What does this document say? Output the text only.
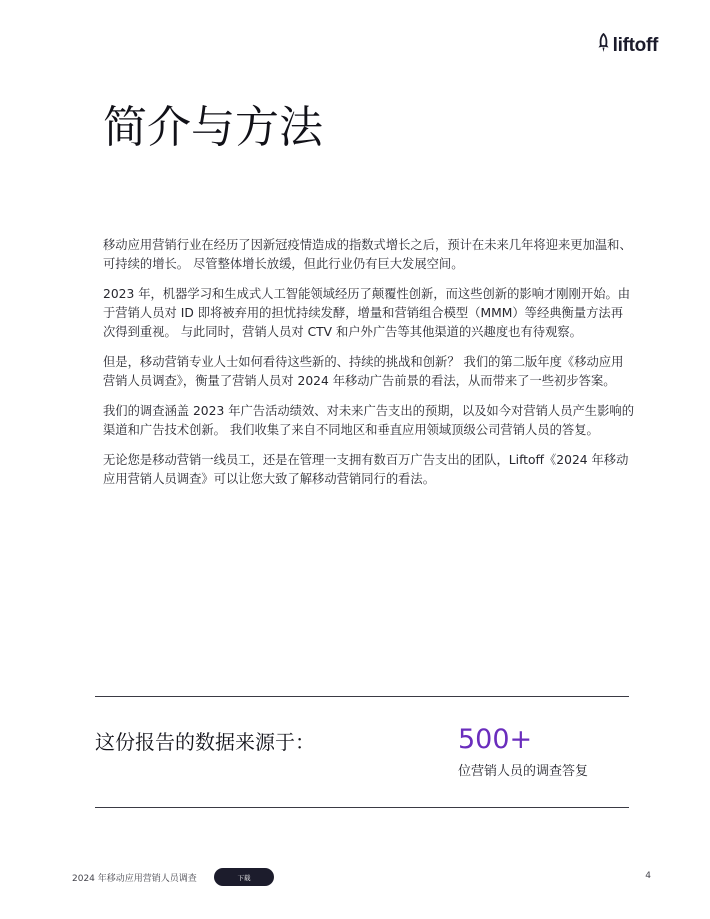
liftoff
简介与方法

移动应用营销行业在经历了因新冠疫情造成的指数式增长之后，预计在未来几年将迎来更加温和、可持续的增长。 尽管整体增长放缓，但此行业仍有巨大发展空间。

2023 年，机器学习和生成式人工智能领域经历了颠覆性创新，而这些创新的影响才刚刚开始。由于营销人员对 ID 即将被弃用的担忧持续发酵，增量和营销组合模型（MMM）等经典衡量方法再次得到重视。 与此同时，营销人员对 CTV 和户外广告等其他渠道的兴趣度也有待观察。

但是，移动营销专业人士如何看待这些新的、持续的挑战和创新？ 我们的第二版年度《移动应用营销人员调查》，衡量了营销人员对 2024 年移动广告前景的看法，从而带来了一些初步答案。

我们的调查涵盖 2023 年广告活动绩效、对未来广告支出的预期，以及如今对营销人员产生影响的渠道和广告技术创新。 我们收集了来自不同地区和垂直应用领域顶级公司营销人员的答复。

无论您是移动营销一线员工，还是在管理一支拥有数百万广告支出的团队，Liftoff《2024 年移动应用营销人员调查》可以让您大致了解移动营销同行的看法。

这份报告的数据来源于：	500+
位营销人员的调查答复
2024 年移动应用营销人员调查	下载	4
